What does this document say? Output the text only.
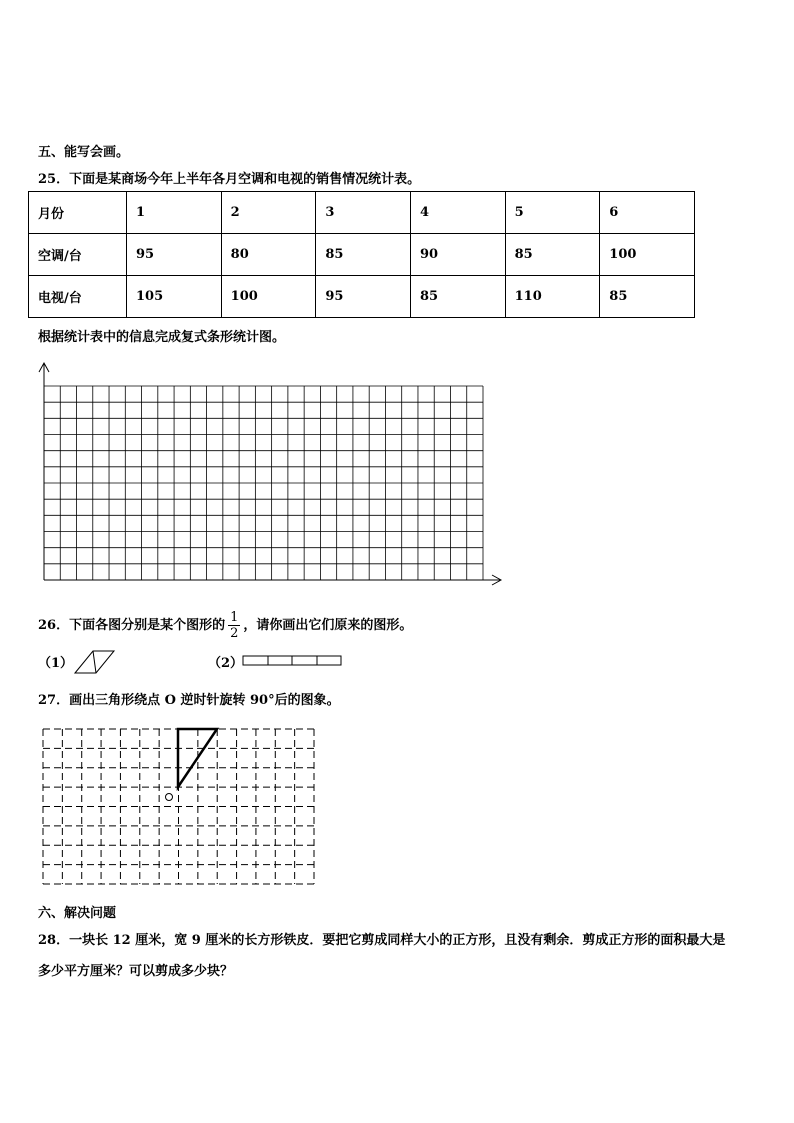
五、能写会画。
25．下面是某商场今年上半年各月空调和电视的销售情况统计表。
月份	1	2	3	4	5	6
空调/台	95	80	85	90	85	100
电视/台	105	100	95	85	110	85
根据统计表中的信息完成复式条形统计图。
26．下面各图分别是某个图形的 $\frac{1}{2}$ ，请你画出它们原来的图形。
（1）	（2）
27．画出三角形绕点 O 逆时针旋转 90°后的图象。
六、解决问题
28．一块长 12 厘米，宽 9 厘米的长方形铁皮．要把它剪成同样大小的正方形，且没有剩余．剪成正方形的面积最大是
多少平方厘米？可以剪成多少块？
